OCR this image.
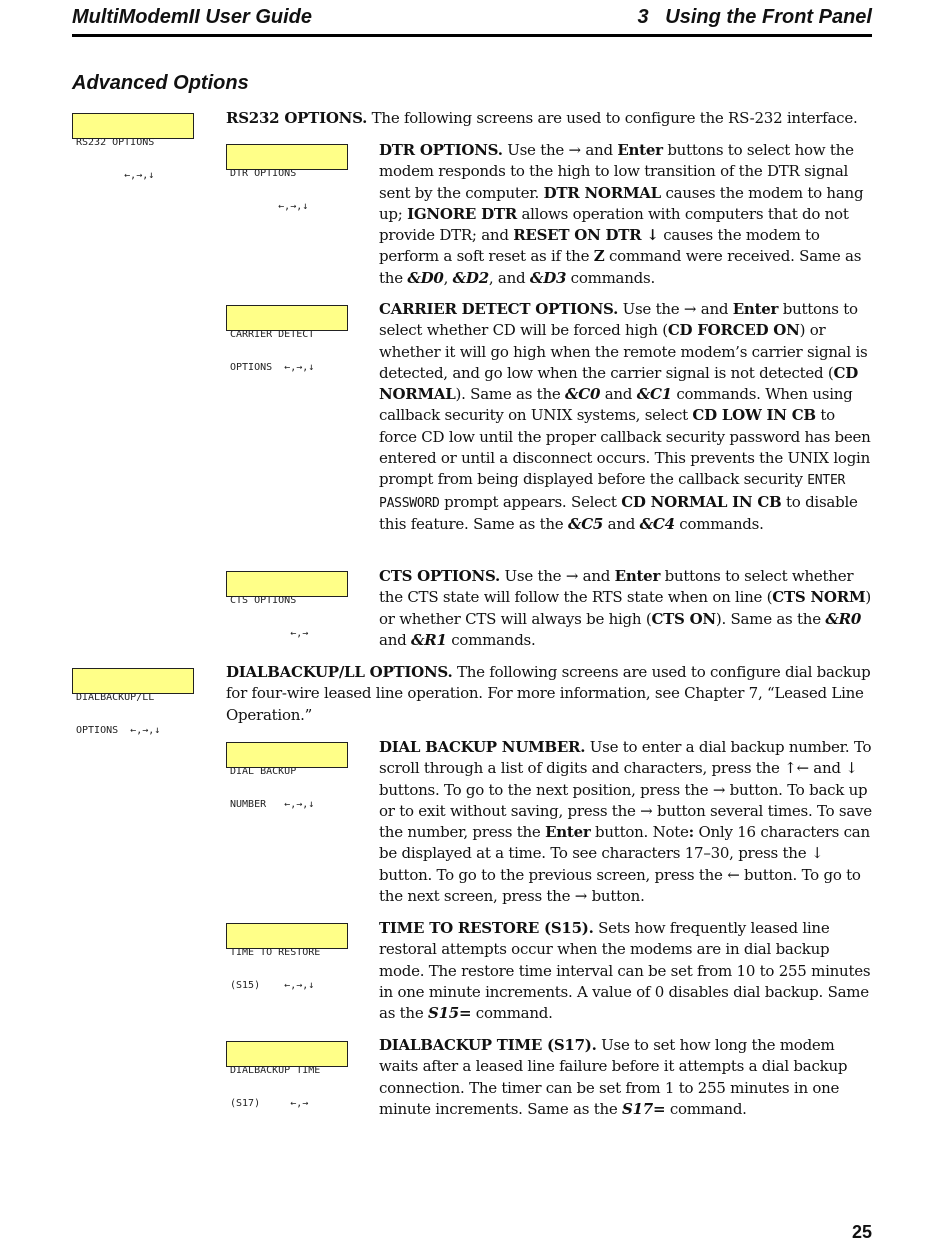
MultiModemII User Guide	3   Using the Front Panel
Advanced Options

RS232 OPTIONS

←,→,↓

	DTR OPTIONS

←,→,↓

CARRIER DETECT

OPTIONS  ←,→,↓

CTS OPTIONS

←,→

DIALBACKUP/LL

OPTIONS  ←,→,↓

DIAL BACKUP

NUMBER   ←,→,↓

TIME TO RESTORE

(S15)    ←,→,↓

DIALBACKUP TIME

(S17)     ←,→

RS232 OPTIONS. The following screens are used to configure the RS-232 interface.
DTR OPTIONS. Use the → and Enter buttons to select how the modem responds to the high to low transition of the DTR signal sent by the computer. DTR NORMAL causes the modem to hang up; IGNORE DTR allows operation with computers that do not provide DTR; and RESET ON DTR ↓ causes the modem to perform a soft reset as if the Z command were received. Same as the &D0, &D2, and &D3 commands.
CARRIER DETECT OPTIONS. Use the → and Enter buttons to select whether CD will be forced high (CD FORCED ON) or whether it will go high when the remote modem’s carrier signal is detected, and go low when the carrier signal is not detected (CD NORMAL). Same as the &C0 and &C1 commands. When using callback security on UNIX systems, select CD LOW IN CB to force CD low until the proper callback security password has been entered or until a disconnect occurs. This prevents the UNIX login prompt from being displayed before the callback security ENTER PASSWORD prompt appears. Select CD NORMAL IN CB to disable this feature. Same as the &C5 and &C4 commands.
CTS OPTIONS. Use the → and Enter buttons to select whether the CTS state will follow the RTS state when on line (CTS NORM) or whether CTS will always be high (CTS ON). Same as the &R0 and &R1 commands.
DIALBACKUP/LL OPTIONS. The following screens are used to configure dial backup for four-wire leased line operation. For more information, see Chapter 7, “Leased Line Operation.”
DIAL BACKUP NUMBER. Use to enter a dial backup number. To scroll through a list of digits and characters, press the ↑← and ↓ buttons. To go to the next position, press the → button. To back up or to exit without saving, press the → button several times. To save the number, press the Enter button. Note: Only 16 characters can be displayed at a time. To see characters 17–30, press the ↓ button. To go to the previous screen, press the ← button. To go to the next screen, press the → button.
TIME TO RESTORE (S15). Sets how frequently leased line restoral attempts occur when the modems are in dial backup mode. The restore time interval can be set from 10 to 255 minutes in one minute increments. A value of 0 disables dial backup. Same as the S15= command.
DIALBACKUP TIME (S17). Use to set how long the modem waits after a leased line failure before it attempts a dial backup connection. The timer can be set from 1 to 255 minutes in one minute increments. Same as the S17= command.
25
